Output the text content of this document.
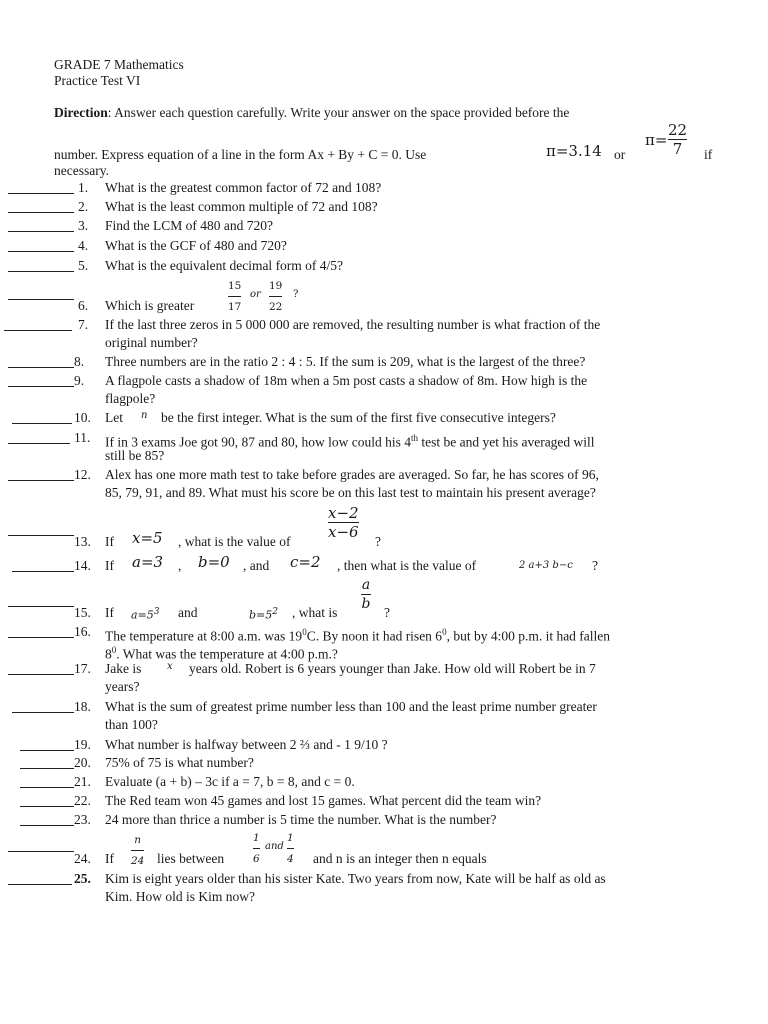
GRADE 7 Mathematics
Practice Test VI
Direction: Answer each question carefully. Write your answer on the space provided before the
number. Express equation of a line in the form Ax + By + C = 0. Use	π=3.14 or
π=
22
7 if
necessary.
1. What is the greatest common factor of 72 and 108?
2. What is the least common multiple of 72 and 108?
3. Find the LCM of 480 and 720?
4. What is the GCF of 480 and 720?
5. What is the equivalent decimal form of 4/5?
6. Which is greater
15
17
or
19
22
?
7. If the last three zeros in 5 000 000 are removed, the resulting number is what fraction of the
original number?
8. Three numbers are in the ratio 2 : 4 : 5. If the sum is 209, what is the largest of the three?
9. A flagpole casts a shadow of 18m when a 5m post casts a shadow of 8m. How high is the
flagpole?
10. Let n be the first integer. What is the sum of the first five consecutive integers?
11. If in 3 exams Joe got 90, 87 and 80, how low could his 4th test be and yet his averaged will
still be 85?
12. Alex has one more math test to take before grades are averaged. So far, he has scores of 96,
85, 79, 91, and 89. What must his score be on this last test to maintain his present average?
13. If x=5 , what is the value of
x−2
x−6
?
14. If a=3 , b=0 , and c=2 , then what is the value of	2 a+3 b−c ?
15. If $a=5^3$ and	$b=5^2$ , what is
a
b
?
16. The temperature at 8:00 a.m. was $19^0C$. By noon it had risen $6^0$, but by 4:00 p.m. it had fallen
$8^0$. What was the temperature at 4:00 p.m.?
17. Jake is	x years old. Robert is 6 years younger than Jake. How old will Robert be in 7
years?
18. What is the sum of greatest prime number less than 100 and the least prime number greater
than 100?
19. What number is halfway between 2 ⅔ and - 1 9/10 ?
20. 75% of 75 is what number?
21. Evaluate (a + b) – 3c if a = 7, b = 8, and c = 0.
22. The Red team won 45 games and lost 15 games. What percent did the team win?
23. 24 more than thrice a number is 5 time the number. What is the number?
24. If
n
24 lies between
1
6
and
1
4 and n is an integer then n equals
25. Kim is eight years older than his sister Kate. Two years from now, Kate will be half as old as
Kim. How old is Kim now?
